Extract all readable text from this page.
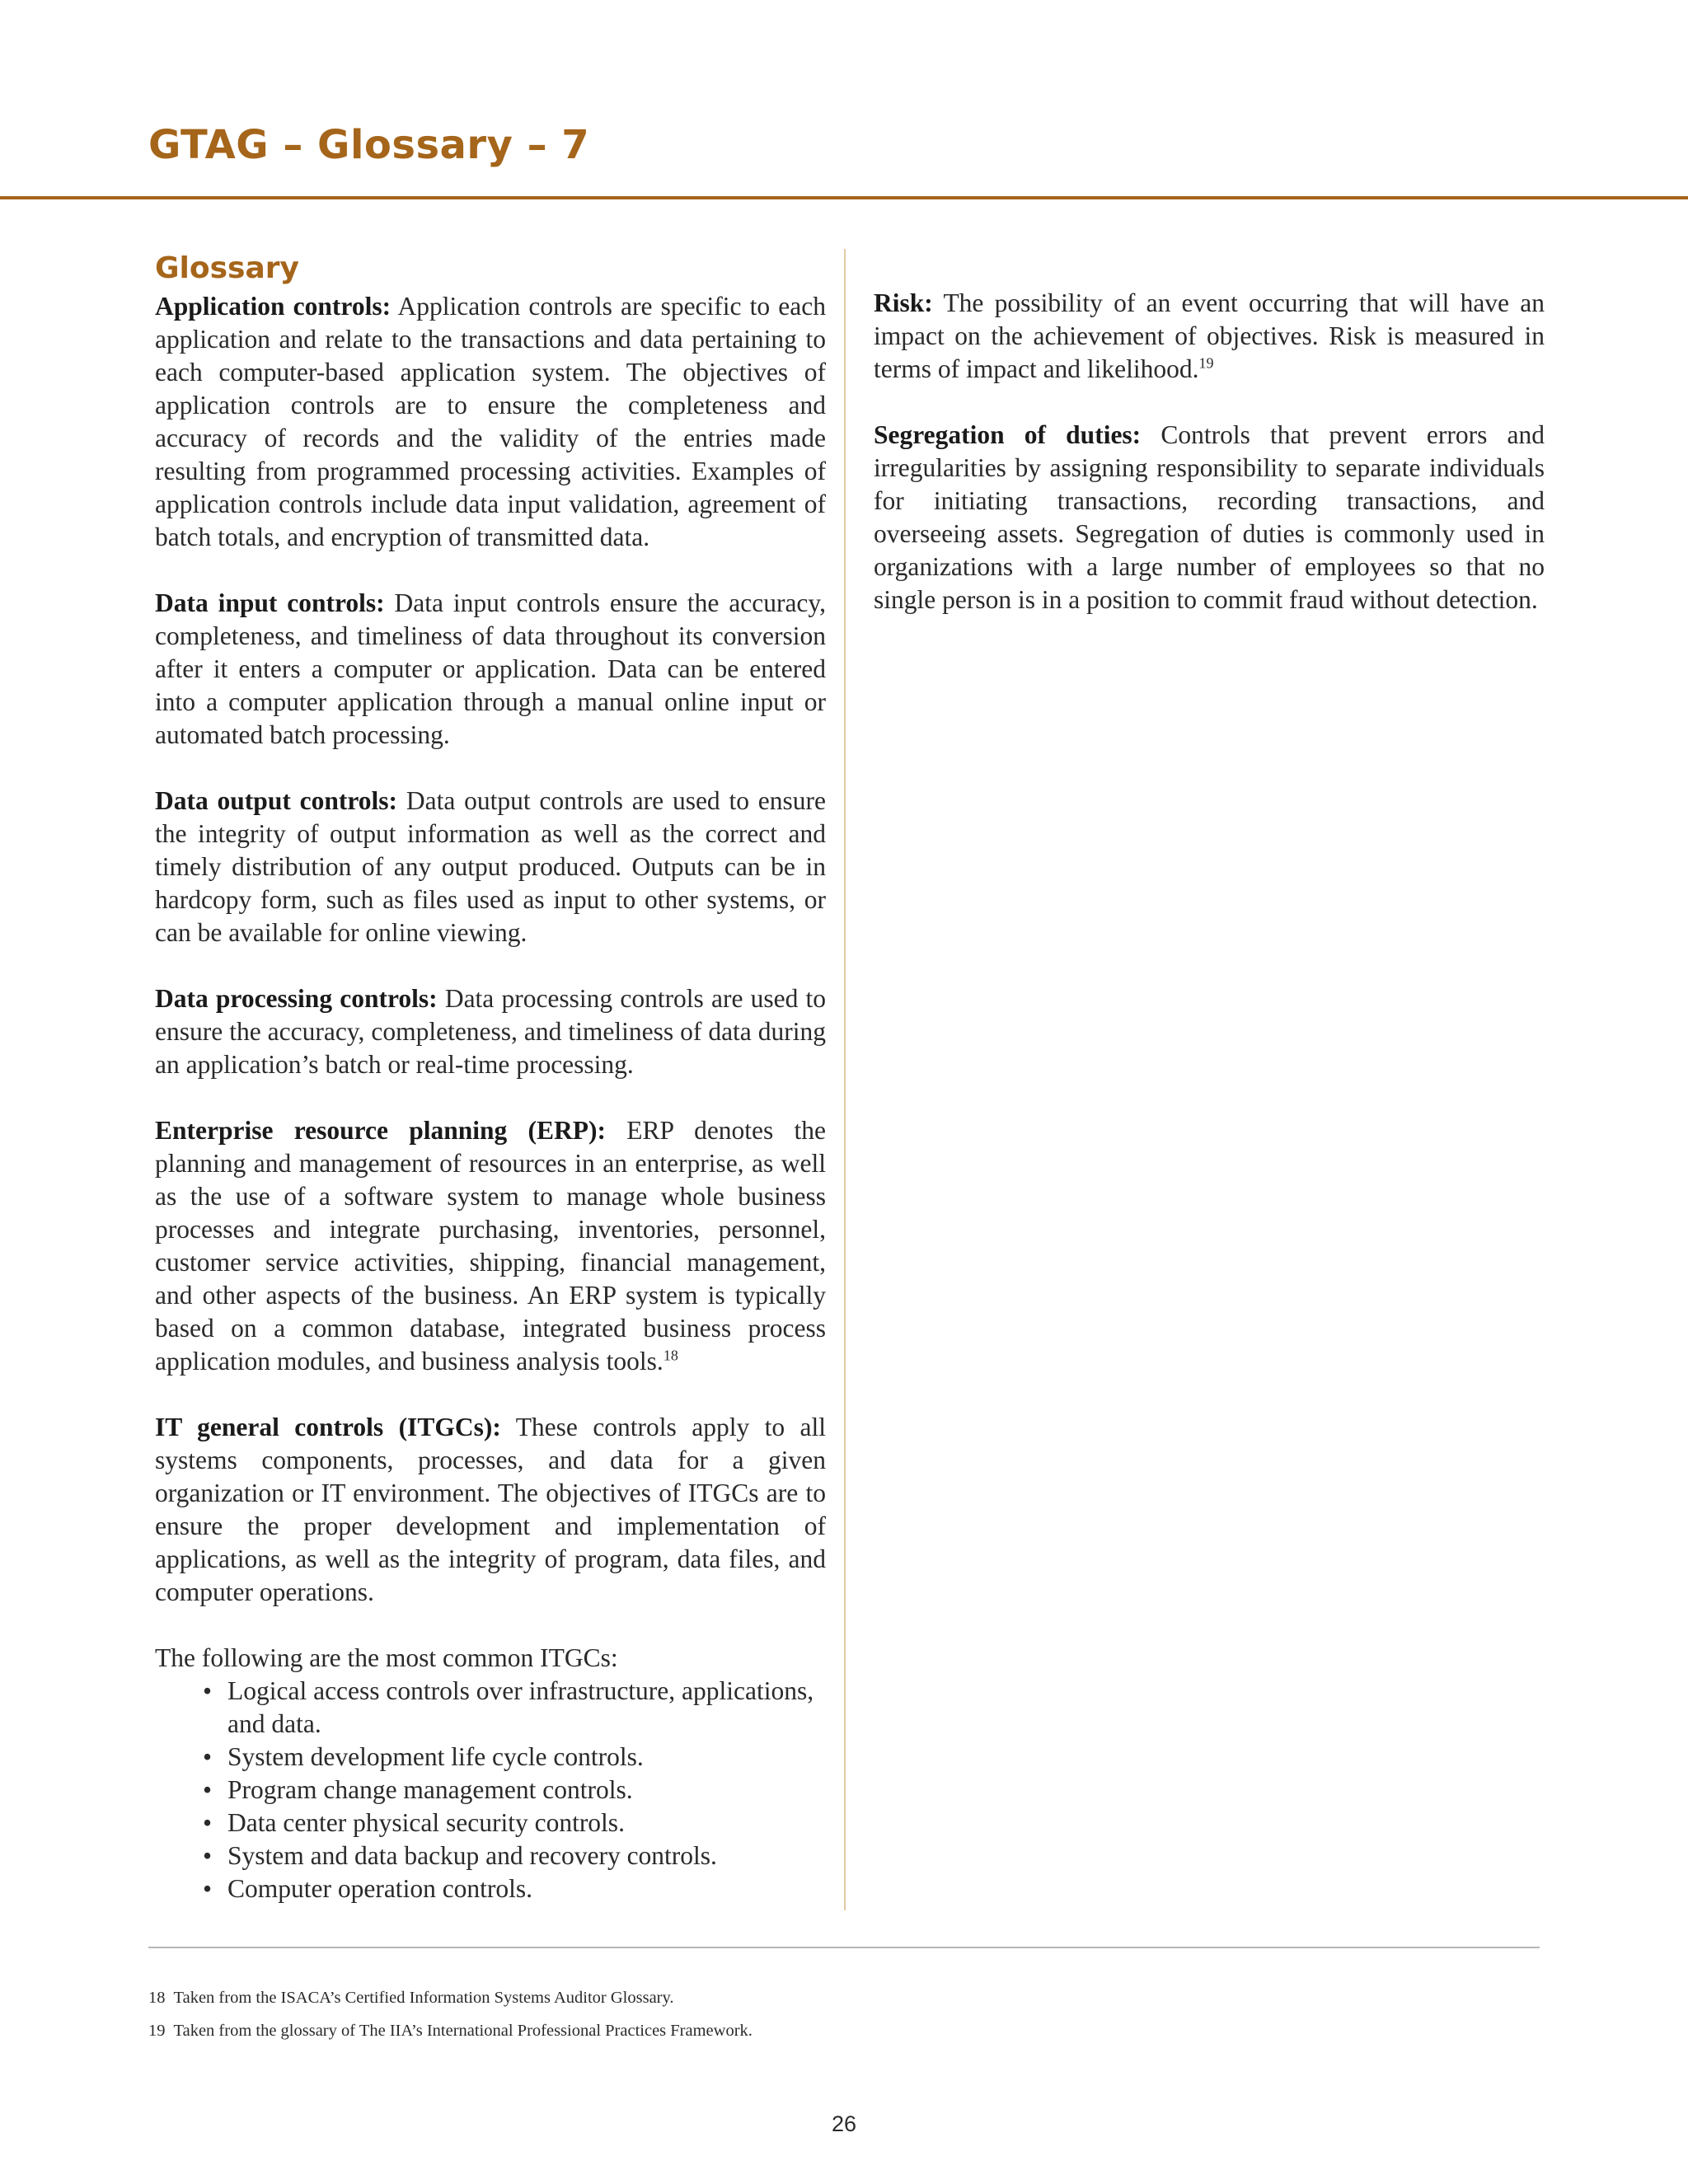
GTAG – Glossary – 7
Glossary

Application controls: Application controls are specific to each application and relate to the transactions and data pertaining to each computer-based application system. The objectives of application controls are to ensure the completeness and accuracy of records and the validity of the entries made resulting from programmed processing activities. Examples of application controls include data input validation, agreement of batch totals, and encryption of transmitted data.

Data input controls: Data input controls ensure the accuracy, completeness, and timeliness of data throughout its conversion after it enters a computer or application. Data can be entered into a computer application through a manual online input or automated batch processing.

Data output controls: Data output controls are used to ensure the integrity of output information as well as the correct and timely distribution of any output produced. Outputs can be in hardcopy form, such as files used as input to other systems, or can be available for online viewing.

Data processing controls: Data processing controls are used to ensure the accuracy, completeness, and timeliness of data during an application’s batch or real-time processing.

Enterprise resource planning (ERP): ERP denotes the planning and management of resources in an enterprise, as well as the use of a software system to manage whole business processes and integrate purchasing, inventories, personnel, customer service activities, shipping, financial management, and other aspects of the business. An ERP system is typically based on a common database, integrated business process application modules, and business analysis tools.$^{18}$

IT general controls (ITGCs): These controls apply to all systems components, processes, and data for a given organization or IT environment. The objectives of ITGCs are to ensure the proper development and implementation of applications, as well as the integrity of program, data files, and computer operations.

The following are the most common ITGCs:

• Logical access controls over infrastructure, applications, and data.
• System development life cycle controls.
• Program change management controls.
• Data center physical security controls.
• System and data backup and recovery controls.
• Computer operation controls.

Risk: The possibility of an event occurring that will have an impact on the achievement of objectives. Risk is measured in terms of impact and likelihood.$^{19}$

Segregation of duties: Controls that prevent errors and irregularities by assigning responsibility to separate individuals for initiating transactions, recording transactions, and overseeing assets. Segregation of duties is commonly used in organizations with a large number of employees so that no single person is in a position to commit fraud without detection.

18 Taken from the ISACA’s Certified Information Systems Auditor Glossary.
19 Taken from the glossary of The IIA’s International Professional Practices Framework.
26
